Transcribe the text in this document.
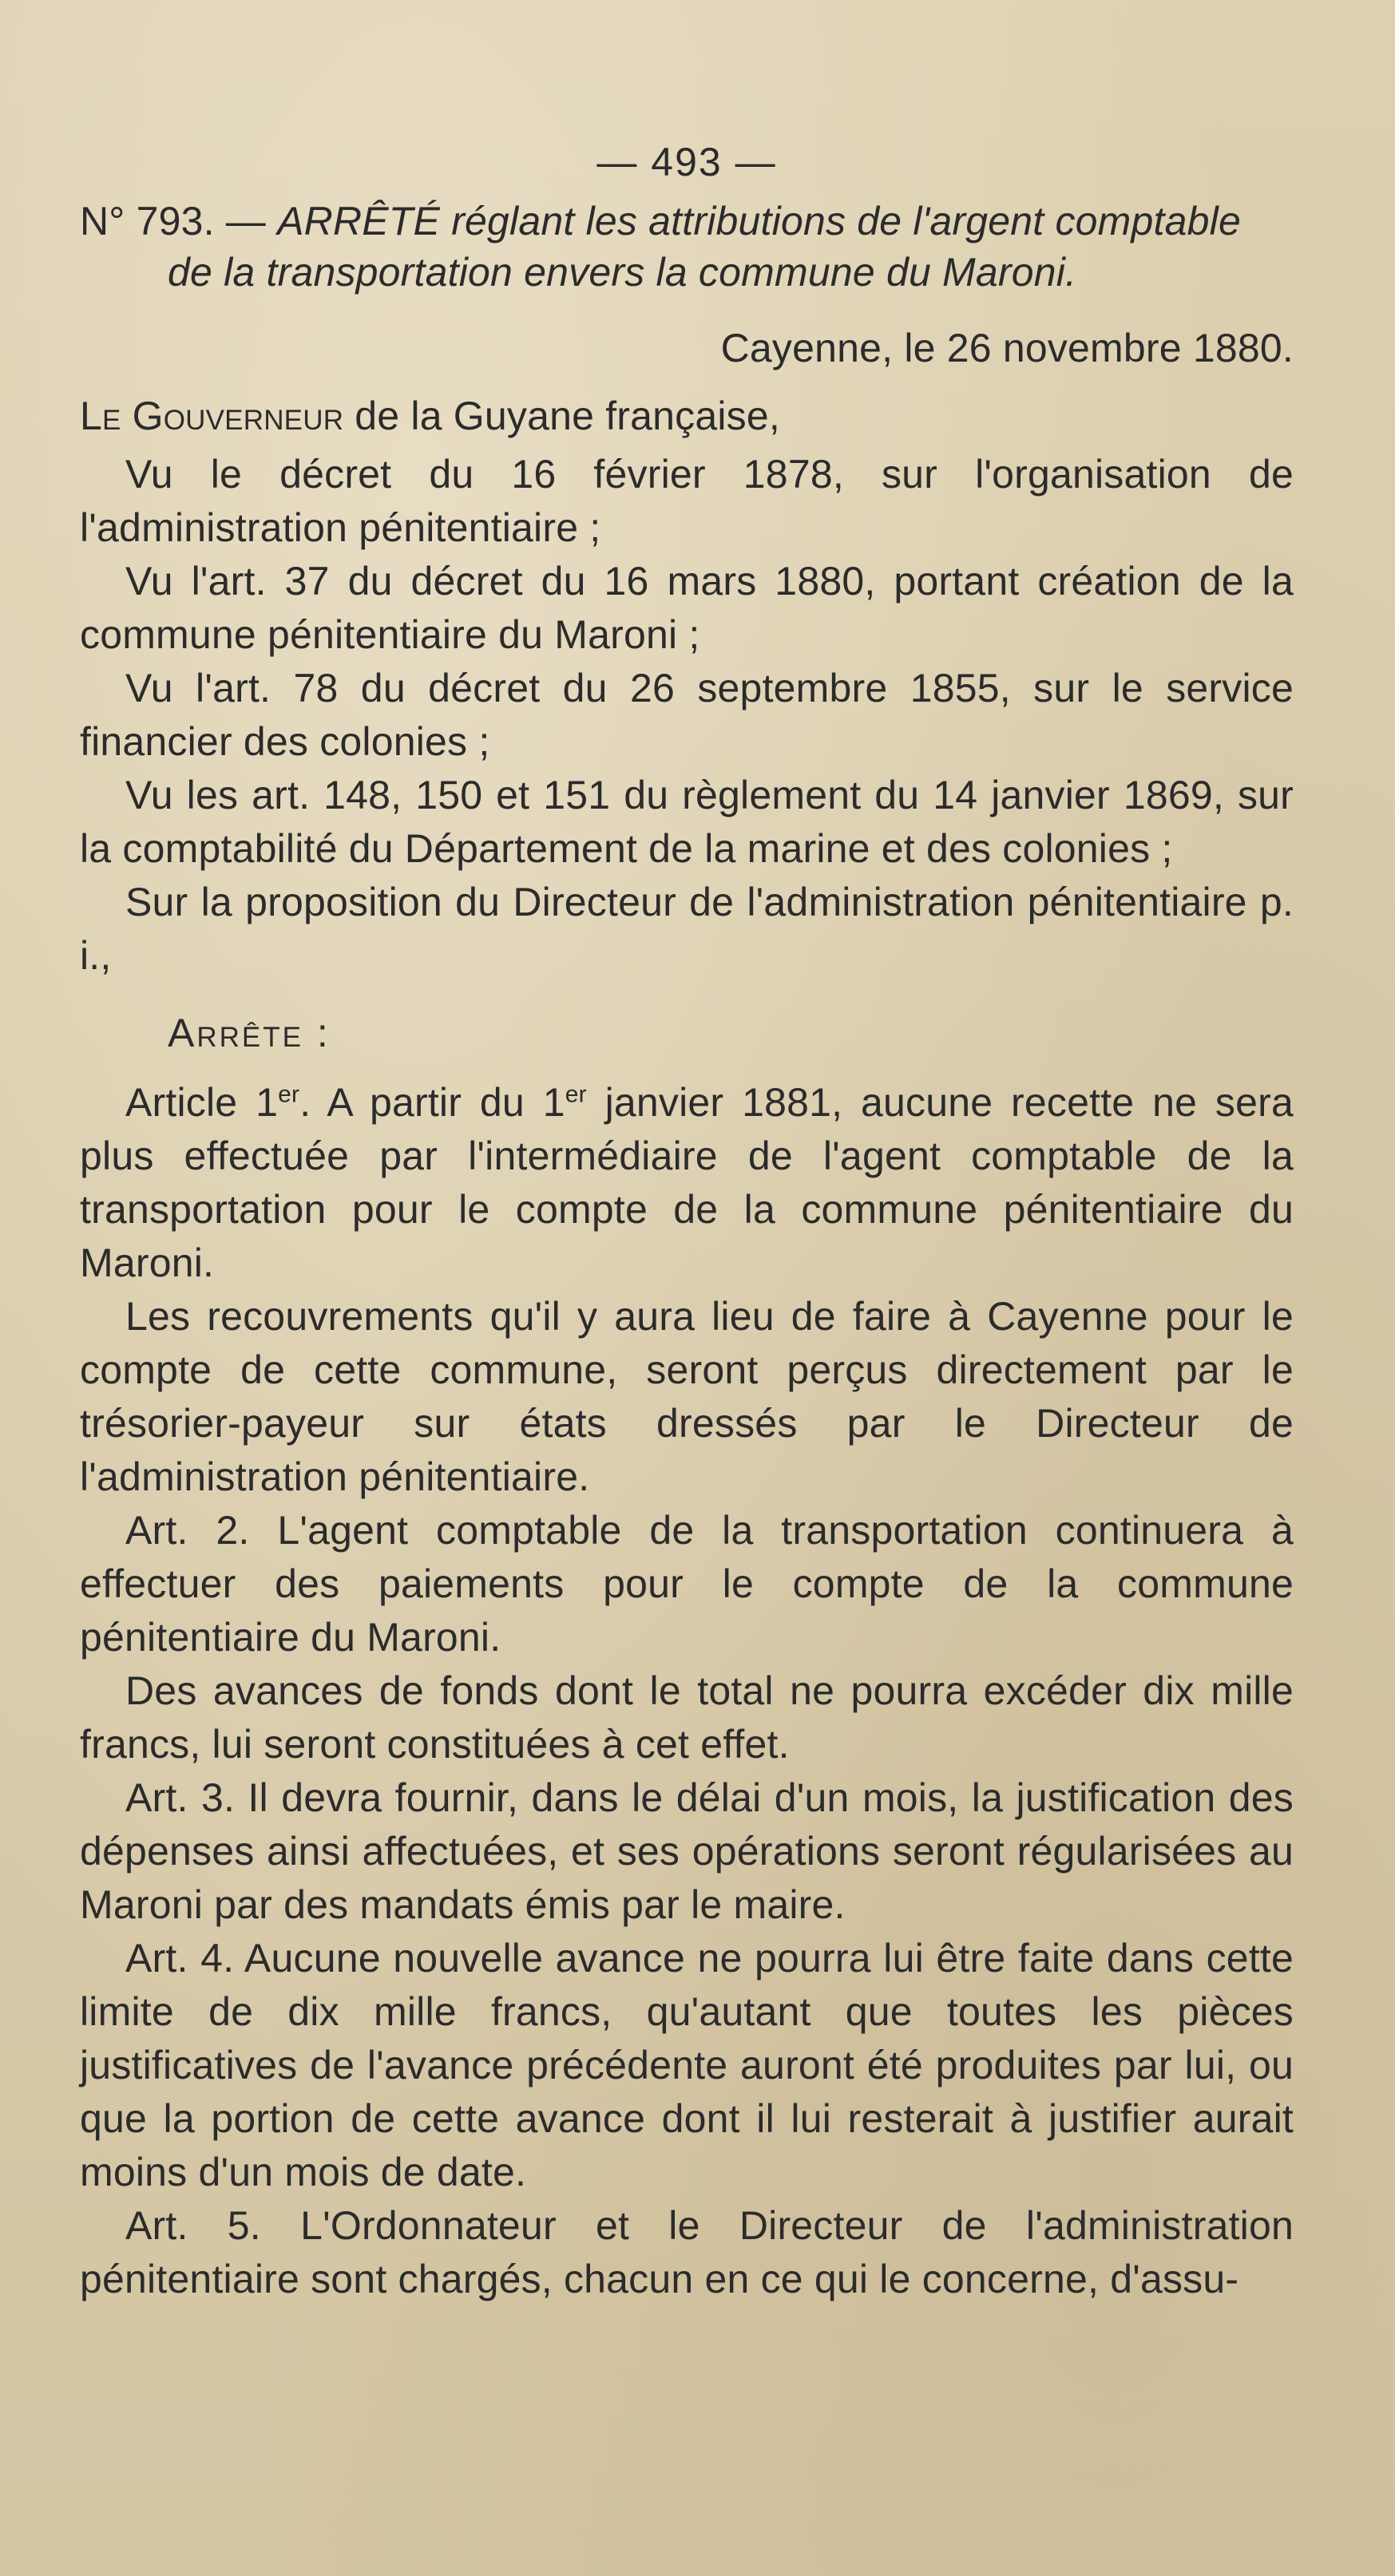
— 493 —

N° 793. — ARRÊTÉ réglant les attributions de l'argent comptable
de la transportation envers la commune du Maroni.

Cayenne, le 26 novembre 1880.

Le Gouverneur de la Guyane française,

Vu le décret du 16 février 1878, sur l'organisation de l'administration pénitentiaire ;

Vu l'art. 37 du décret du 16 mars 1880, portant création de la commune pénitentiaire du Maroni ;

Vu l'art. 78 du décret du 26 septembre 1855, sur le service financier des colonies ;

Vu les art. 148, 150 et 151 du règlement du 14 janvier 1869, sur la comptabilité du Département de la marine et des colonies ;

Sur la proposition du Directeur de l'administration pénitentiaire p. i.,

Arrête :

Article 1er. A partir du 1er janvier 1881, aucune recette ne sera plus effectuée par l'intermédiaire de l'agent comptable de la transportation pour le compte de la commune pénitentiaire du Maroni.

Les recouvrements qu'il y aura lieu de faire à Cayenne pour le compte de cette commune, seront perçus directement par le trésorier-payeur sur états dressés par le Directeur de l'administration pénitentiaire.

Art. 2. L'agent comptable de la transportation continuera à effectuer des paiements pour le compte de la commune pénitentiaire du Maroni.

Des avances de fonds dont le total ne pourra excéder dix mille francs, lui seront constituées à cet effet.

Art. 3. Il devra fournir, dans le délai d'un mois, la justification des dépenses ainsi affectuées, et ses opérations seront régularisées au Maroni par des mandats émis par le maire.

Art. 4. Aucune nouvelle avance ne pourra lui être faite dans cette limite de dix mille francs, qu'autant que toutes les pièces justificatives de l'avance précédente auront été produites par lui, ou que la portion de cette avance dont il lui resterait à justifier aurait moins d'un mois de date.

Art. 5. L'Ordonnateur et le Directeur de l'administration pénitentiaire sont chargés, chacun en ce qui le concerne, d'assu-
